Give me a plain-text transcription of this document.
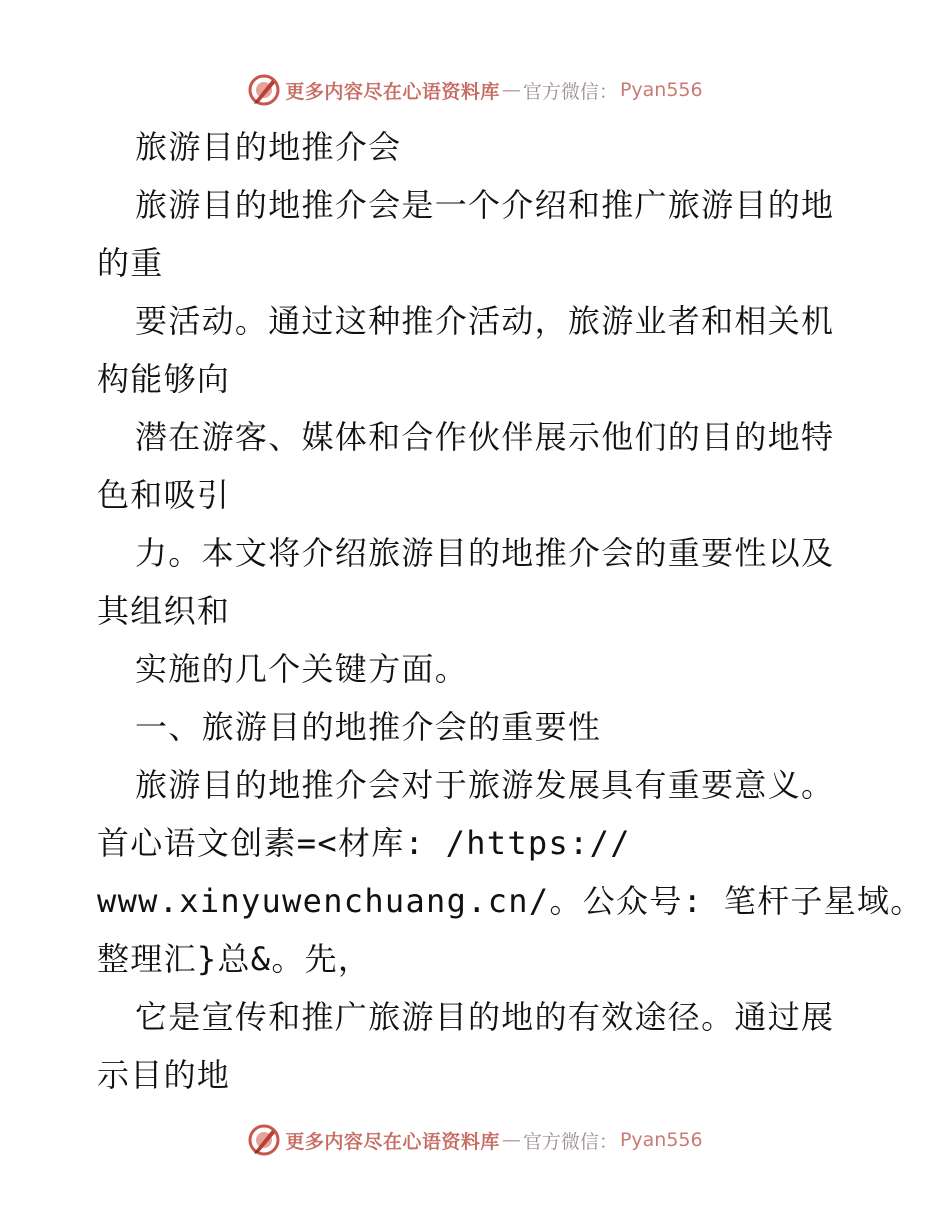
更多内容尽在心语资料库 — 官方微信： Pyan556
旅游目的地推介会
旅游目的地推介会是一个介绍和推广旅游目的地
的重
要活动。通过这种推介活动，旅游业者和相关机
构能够向
潜在游客、媒体和合作伙伴展示他们的目的地特
色和吸引
力。本文将介绍旅游目的地推介会的重要性以及
其组织和
实施的几个关键方面。
一、旅游目的地推介会的重要性
旅游目的地推介会对于旅游发展具有重要意义。
首心语文创素=<材库: /https://
www.xinyuwenchuang.cn/。公众号: 笔杆子星域。
整理汇}总&。先，
它是宣传和推广旅游目的地的有效途径。通过展
示目的地
更多内容尽在心语资料库 — 官方微信： Pyan556
